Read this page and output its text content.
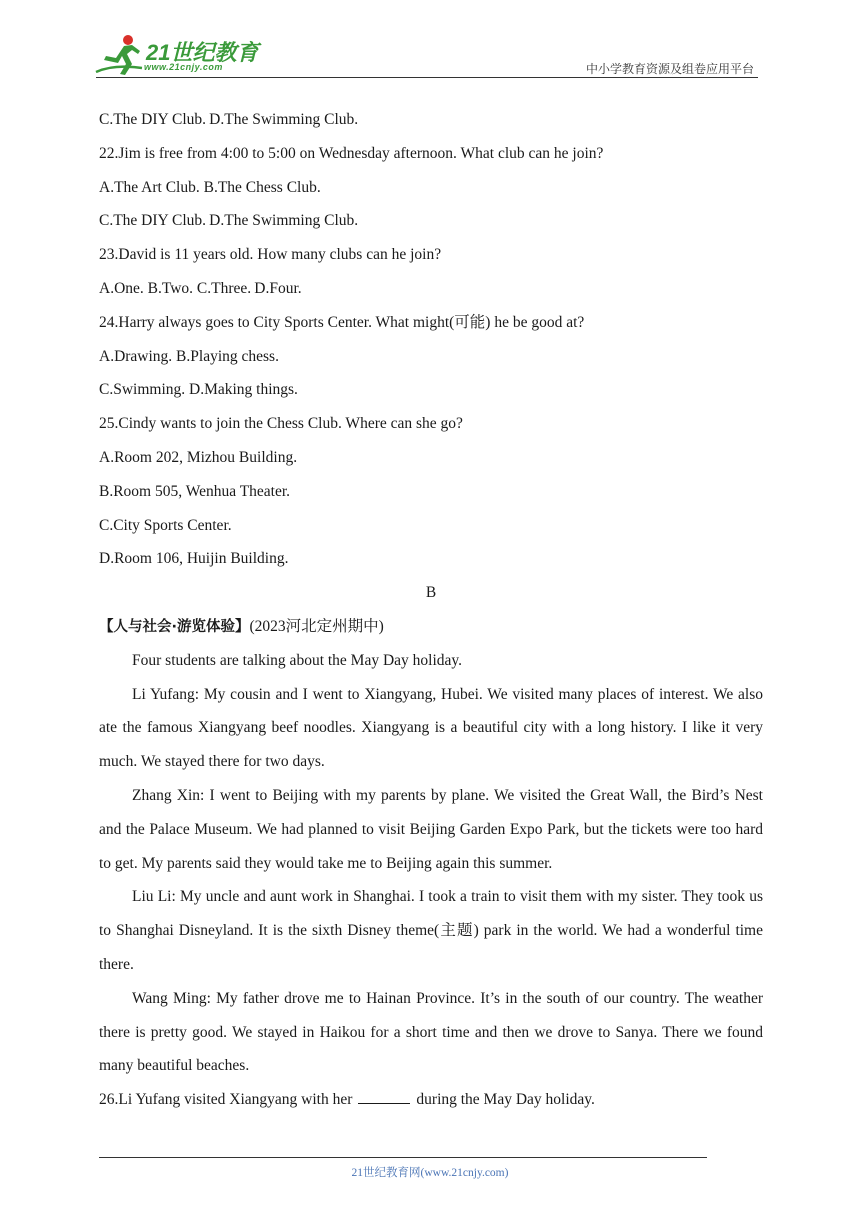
21世纪教育
www.21cnjy.com	中小学教育资源及组卷应用平台
C.The DIY Club. D.The Swimming Club.
22.Jim is free from 4:00 to 5:00 on Wednesday afternoon. What club can he join?
A.The Art Club. B.The Chess Club.
C.The DIY Club. D.The Swimming Club.
23.David is 11 years old. How many clubs can he join?
A.One. B.Two. C.Three. D.Four.
24.Harry always goes to City Sports Center. What might(可能) he be good at?
A.Drawing. B.Playing chess.
C.Swimming. D.Making things.
25.Cindy wants to join the Chess Club. Where can she go?
A.Room 202, Mizhou Building.
B.Room 505, Wenhua Theater.
C.City Sports Center.
D.Room 106, Huijin Building.
B
【人与社会·游览体验】(2023河北定州期中)
Four students are talking about the May Day holiday.
Li Yufang: My cousin and I went to Xiangyang, Hubei. We visited many places of interest. We also ate the famous Xiangyang beef noodles. Xiangyang is a beautiful city with a long history. I like it very much. We stayed there for two days.
Zhang Xin: I went to Beijing with my parents by plane. We visited the Great Wall, the Bird’s Nest and the Palace Museum. We had planned to visit Beijing Garden Expo Park, but the tickets were too hard to get. My parents said they would take me to Beijing again this summer.
Liu Li: My uncle and aunt work in Shanghai. I took a train to visit them with my sister. They took us to Shanghai Disneyland. It is the sixth Disney theme(主题) park in the world. We had a wonderful time there.
Wang Ming: My father drove me to Hainan Province. It’s in the south of our country. The weather there is pretty good. We stayed in Haikou for a short time and then we drove to Sanya. There we found many beautiful beaches.
26.Li Yufang visited Xiangyang with her	during the May Day holiday.
21世纪教育网(www.21cnjy.com)
